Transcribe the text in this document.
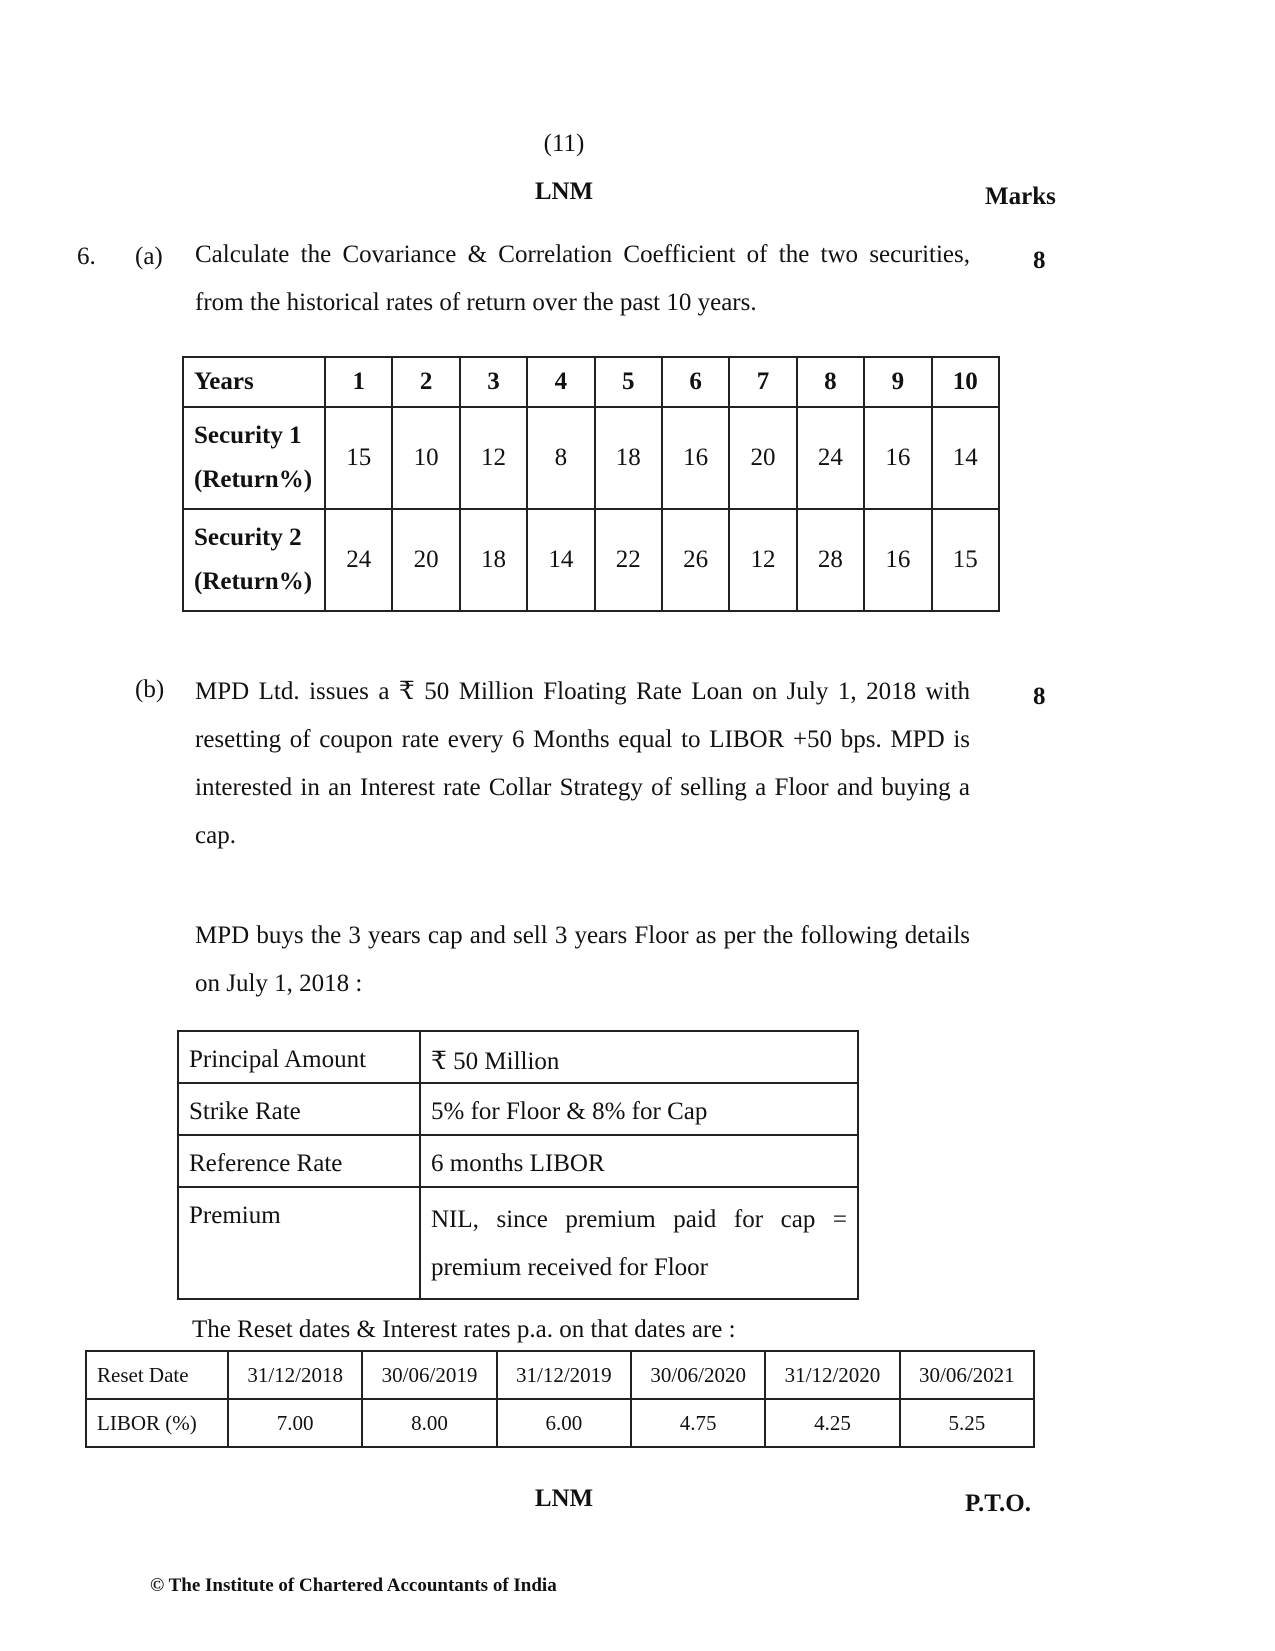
(11)
LNM	Marks
6. (a) Calculate the Covariance & Correlation Coefficient of the two securities, from the historical rates of return over the past 10 years.
8
Years	1	2	3	4	5	6	7	8	9	10

Security 1
(Return%)	15	10	12	8	18	16	20	24	16	14

Security 2
(Return%)	24	20	18	14	22	26	12	28	16	15
(b) MPD Ltd. issues a ₹ 50 Million Floating Rate Loan on July 1, 2018 with resetting of coupon rate every 6 Months equal to LIBOR +50 bps. MPD is interested in an Interest rate Collar Strategy of selling a Floor and buying a cap.
8
MPD buys the 3 years cap and sell 3 years Floor as per the following details on July 1, 2018 :
Principal Amount	₹ 50 Million
Strike Rate	5% for Floor & 8% for Cap
Reference Rate	6 months LIBOR
Premium	NIL, since premium paid for cap = premium received for Floor
The Reset dates & Interest rates p.a. on that dates are :
Reset Date	31/12/2018	30/06/2019	31/12/2019	30/06/2020	31/12/2020	30/06/2021
LIBOR (%)	7.00	8.00	6.00	4.75	4.25	5.25
LNM	P.T.O.
© The Institute of Chartered Accountants of India
